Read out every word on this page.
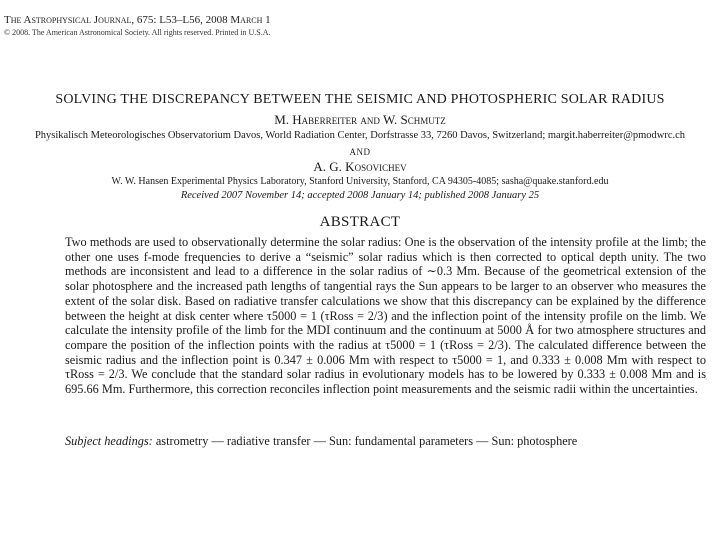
The Astrophysical Journal, 675: L53–L56, 2008 March 1
© 2008. The American Astronomical Society. All rights reserved. Printed in U.S.A.
SOLVING THE DISCREPANCY BETWEEN THE SEISMIC AND PHOTOSPHERIC SOLAR RADIUS
M. Haberreiter and W. Schmutz
Physikalisch Meteorologisches Observatorium Davos, World Radiation Center, Dorfstrasse 33, 7260 Davos, Switzerland; margit.haberreiter@pmodwrc.ch
AND
A. G. Kosovichev
W. W. Hansen Experimental Physics Laboratory, Stanford University, Stanford, CA 94305-4085; sasha@quake.stanford.edu
Received 2007 November 14; accepted 2008 January 14; published 2008 January 25
ABSTRACT

Two methods are used to observationally determine the solar radius: One is the observation of the intensity profile at the limb; the other one uses f-mode frequencies to derive a “seismic” solar radius which is then corrected to optical depth unity. The two methods are inconsistent and lead to a difference in the solar radius of ∼0.3 Mm. Because of the geometrical extension of the solar photosphere and the increased path lengths of tangential rays the Sun appears to be larger to an observer who measures the extent of the solar disk. Based on radiative transfer calculations we show that this discrepancy can be explained by the difference between the height at disk center where τ5000 = 1 (τRoss = 2/3) and the inflection point of the intensity profile on the limb. We calculate the intensity profile of the limb for the MDI continuum and the continuum at 5000 Å for two atmosphere structures and compare the position of the inflection points with the radius at τ5000 = 1 (τRoss = 2/3). The calculated difference between the seismic radius and the inflection point is 0.347 ± 0.006 Mm with respect to τ5000 = 1, and 0.333 ± 0.008 Mm with respect to τRoss = 2/3. We conclude that the standard solar radius in evolutionary models has to be lowered by 0.333 ± 0.008 Mm and is 695.66 Mm. Furthermore, this correction reconciles inflection point measurements and the seismic radii within the uncertainties.

Subject headings: astrometry — radiative transfer — Sun: fundamental parameters — Sun: photosphere
